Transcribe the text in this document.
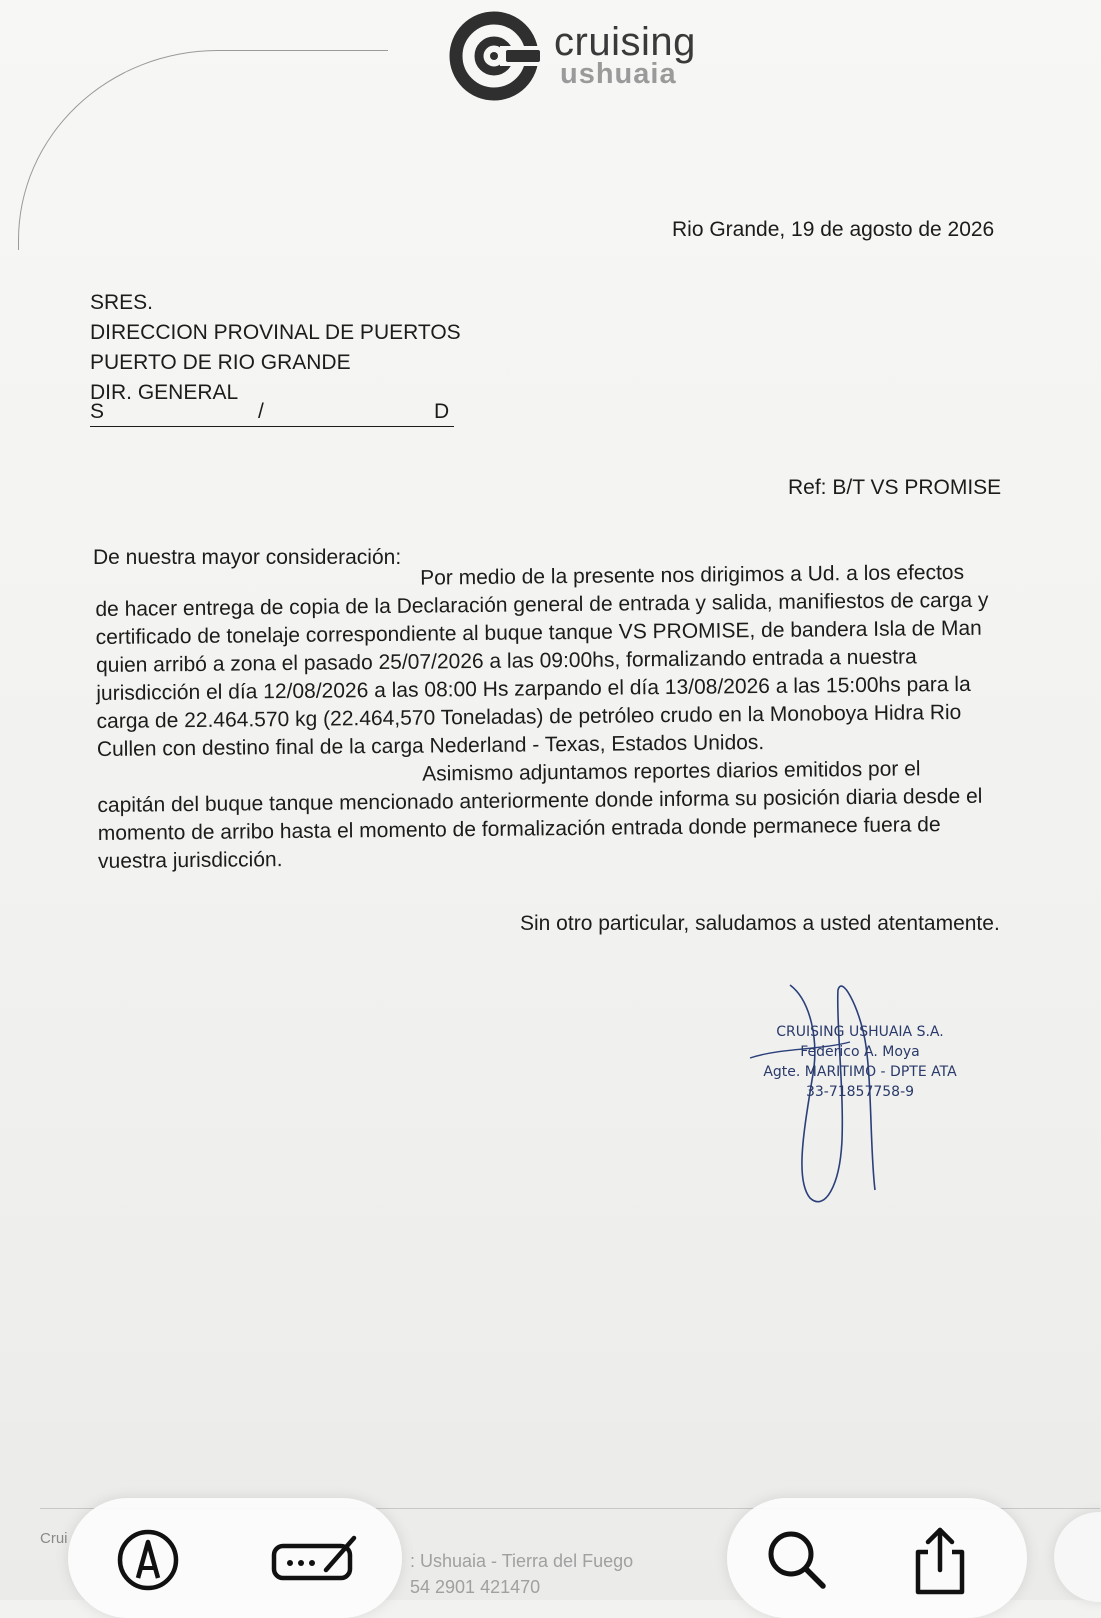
cruising
ushuaia
Rio Grande, 19 de agosto de 2026
SRES.
DIRECCION PROVINAL DE PUERTOS
PUERTO DE RIO GRANDE
DIR. GENERAL
S	/	D
Ref: B/T VS PROMISE
De nuestra mayor consideración:

Por medio de la presente nos dirigimos a Ud. a los efectos

de hacer entrega de copia de la Declaración general de entrada y salida, manifiestos de carga y certificado de tonelaje correspondiente al buque tanque VS PROMISE, de bandera Isla de Man quien arribó a zona el pasado 25/07/2026 a las 09:00hs, formalizando entrada a nuestra jurisdicción el día 12/08/2026 a las 08:00 Hs zarpando el día 13/08/2026 a las 15:00hs para la carga de 22.464.570 kg (22.464,570 Toneladas) de petróleo crudo en la Monoboya Hidra Rio Cullen con destino final de la carga Nederland - Texas, Estados Unidos.

Asimismo adjuntamos reportes diarios emitidos por el

capitán del buque tanque mencionado anteriormente donde informa su posición diaria desde el momento de arribo hasta el momento de formalización entrada donde permanece fuera de vuestra jurisdicción.

Sin otro particular, saludamos a usted atentamente.
CRUISING USHUAIA S.A.
Federico A. Moya
Agte. MARITIMO - DPTE ATA
33-71857758-9
Crui
: Ushuaia - Tierra del Fuego
54 2901 421470
